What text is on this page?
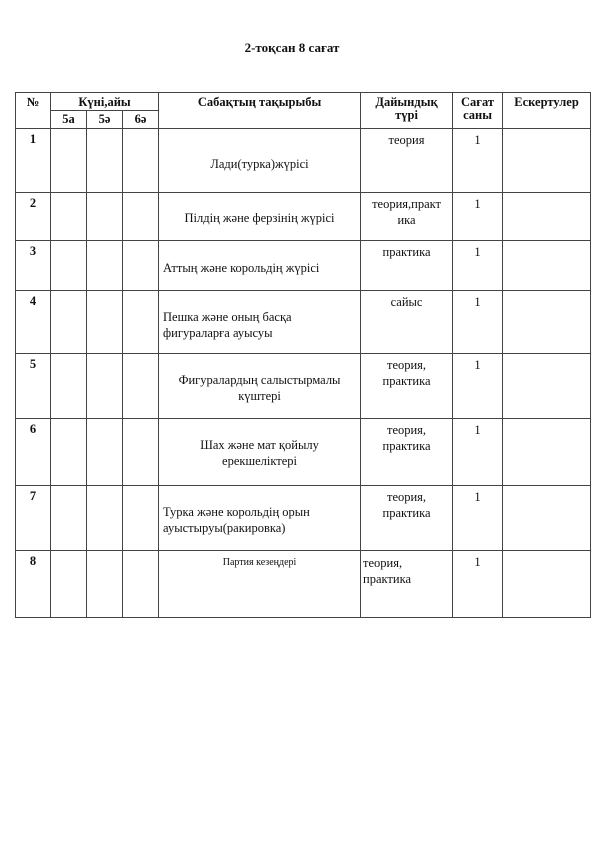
2-тоқсан 8 сағат
№	Күні,айы			Сабақтың тақырыбы	Дайындық түрі	Сағат саны	Ескертулер
	5а	5ә	6ә				
1				Лади(турка)жүрісі	теория	1	
2				Пілдің және ферзінің жүрісі	теория,практ ика	1	
3				Аттың және корольдің жүрісі	практика	1	
4				Пешка және оның басқа фигураларға ауысуы	сайыс	1	
5				Фигуралардың салыстырмалы күштері	теория, практика	1	
6				Шах және мат қойылу ерекшеліктері	теория, практика	1	
7				Турка және корольдің орын ауыстыруы(ракировка)	теория, практика	1	
8				Партия кезеңдері	теория, практика	1	
